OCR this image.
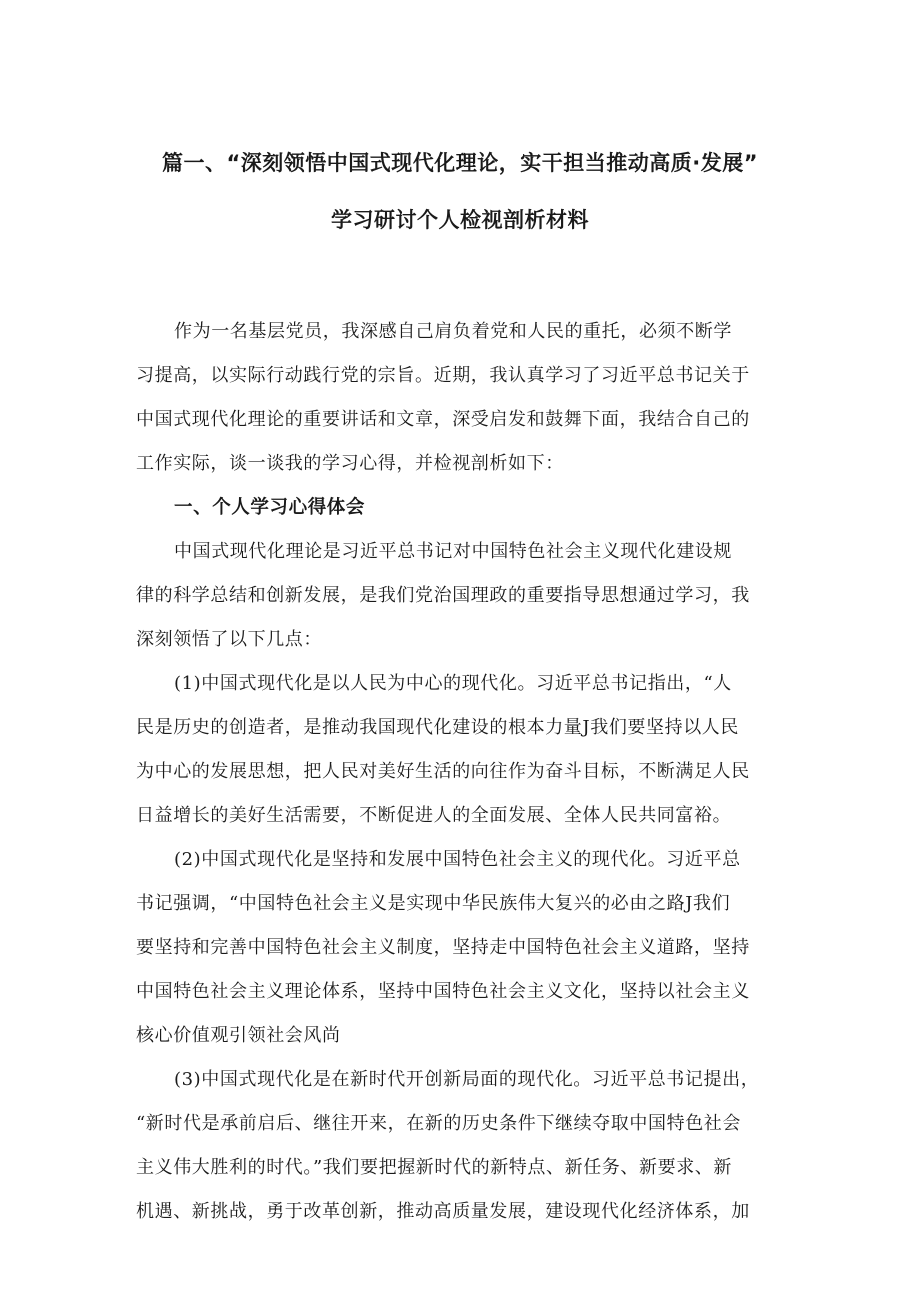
篇一、“深刻领悟中国式现代化理论，实干担当推动高质·发展”
学习研讨个人检视剖析材料
作为一名基层党员，我深感自己肩负着党和人民的重托，必须不断学
习提高，以实际行动践行党的宗旨。近期，我认真学习了习近平总书记关于
中国式现代化理论的重要讲话和文章，深受启发和鼓舞下面，我结合自己的
工作实际，谈一谈我的学习心得，并检视剖析如下：
一、个人学习心得体会
中国式现代化理论是习近平总书记对中国特色社会主义现代化建设规
律的科学总结和创新发展，是我们党治国理政的重要指导思想通过学习，我
深刻领悟了以下几点：
(1)中国式现代化是以人民为中心的现代化。习近平总书记指出，“人
民是历史的创造者，是推动我国现代化建设的根本力量J我们要坚持以人民
为中心的发展思想，把人民对美好生活的向往作为奋斗目标，不断满足人民
日益增长的美好生活需要，不断促进人的全面发展、全体人民共同富裕。
(2)中国式现代化是坚持和发展中国特色社会主义的现代化。习近平总
书记强调，“中国特色社会主义是实现中华民族伟大复兴的必由之路J我们
要坚持和完善中国特色社会主义制度，坚持走中国特色社会主义道路，坚持
中国特色社会主义理论体系，坚持中国特色社会主义文化，坚持以社会主义
核心价值观引领社会风尚
(3)中国式现代化是在新时代开创新局面的现代化。习近平总书记提出，
“新时代是承前启后、继往开来，在新的历史条件下继续夺取中国特色社会
主义伟大胜利的时代。”我们要把握新时代的新特点、新任务、新要求、新
机遇、新挑战，勇于改革创新，推动高质量发展，建设现代化经济体系，加
